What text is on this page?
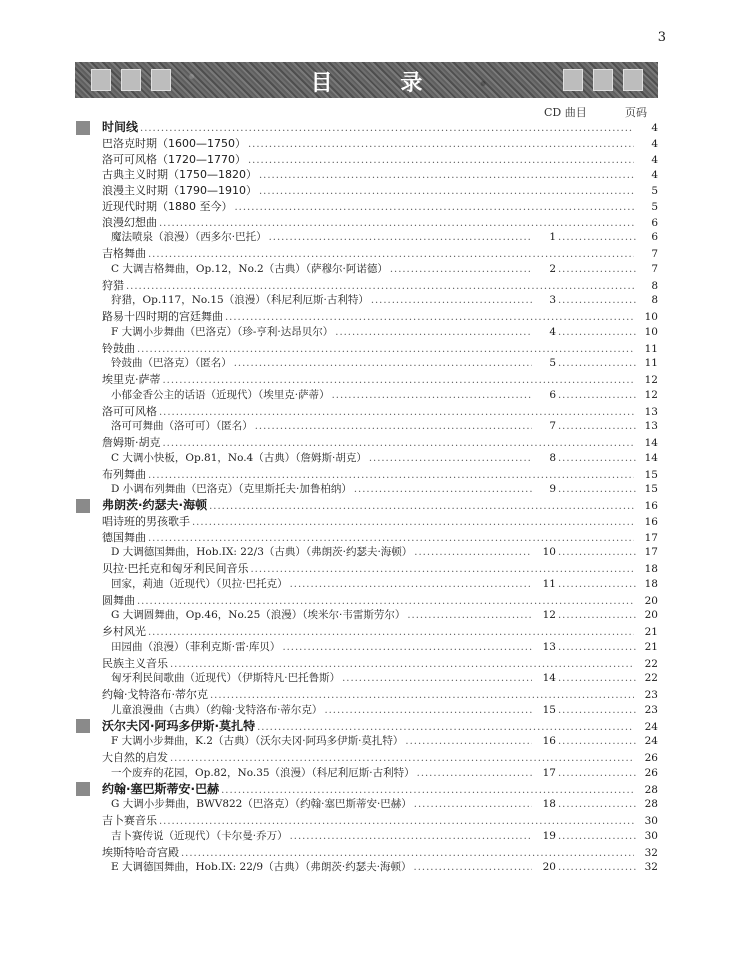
3
目 录
CD 曲目	页码
时间线 .....	4
巴洛克时期（1600—1750） .....	4
洛可可风格（1720—1770） .....	4
古典主义时期（1750—1820） .....	4
浪漫主义时期（1790—1910） .....	5
近现代时期（1880 至今） .....	5
浪漫幻想曲 .....	6
魔法喷泉（浪漫）（西多尔·巴托） .....	1 .....	6
吉格舞曲 .....	7
C 大调吉格舞曲，Op.12，No.2（古典）（萨穆尔·阿诺德） .....	2 .....	7
狩猎 .....	8
狩猎，Op.117，No.15（浪漫）（科尼利厄斯·古利特） .....	3 .....	8
路易十四时期的宫廷舞曲 .....	10
F 大调小步舞曲（巴洛克）（珍-亨利·达昂贝尔） .....	4 .....	10
铃鼓曲 .....	11
铃鼓曲（巴洛克）（匿名） .....	5 .....	11
埃里克·萨蒂 .....	12
小郁金香公主的话语（近现代）（埃里克·萨蒂） .....	6 .....	12
洛可可风格 .....	13
洛可可舞曲（洛可可）（匿名） .....	7 .....	13
詹姆斯·胡克 .....	14
C 大调小快板，Op.81，No.4（古典）（詹姆斯·胡克） .....	8 .....	14
布列舞曲 .....	15
D 小调布列舞曲（巴洛克）（克里斯托夫·加鲁柏纳） .....	9 .....	15
弗朗茨·约瑟夫·海顿 .....	16
唱诗班的男孩歌手 .....	16
德国舞曲 .....	17
D 大调德国舞曲，Hob.IX: 22/3（古典）（弗朗茨·约瑟夫·海顿） .....	10 .....	17
贝拉·巴托克和匈牙利民间音乐 .....	18
回家，莉迪（近现代）（贝拉·巴托克） .....	11 .....	18
圆舞曲 .....	20
G 大调圆舞曲，Op.46，No.25（浪漫）（埃米尔·韦雷斯劳尔） .....	12 .....	20
乡村风光 .....	21
田园曲（浪漫）（菲利克斯·雷·库贝） .....	13 .....	21
民族主义音乐 .....	22
匈牙利民间歌曲（近现代）（伊斯特凡·巴托鲁斯） .....	14 .....	22
约翰·戈特洛布·蒂尔克 .....	23
儿童浪漫曲（古典）（约翰·戈特洛布·蒂尔克） .....	15 .....	23
沃尔夫冈·阿玛多伊斯·莫扎特 .....	24
F 大调小步舞曲，K.2（古典）（沃尔夫冈·阿玛多伊斯·莫扎特） .....	16 .....	24
大自然的启发 .....	26
一个废弃的花园，Op.82，No.35（浪漫）（科尼利厄斯·古利特） .....	17 .....	26
约翰·塞巴斯蒂安·巴赫 .....	28
G 大调小步舞曲，BWV822（巴洛克）（约翰·塞巴斯蒂安·巴赫） .....	18 .....	28
吉卜赛音乐 .....	30
吉卜赛传说（近现代）（卡尔曼·乔万） .....	19 .....	30
埃斯特哈奇宫殿 .....	32
E 大调德国舞曲，Hob.IX: 22/9（古典）（弗朗茨·约瑟夫·海顿） .....	20 .....	32
